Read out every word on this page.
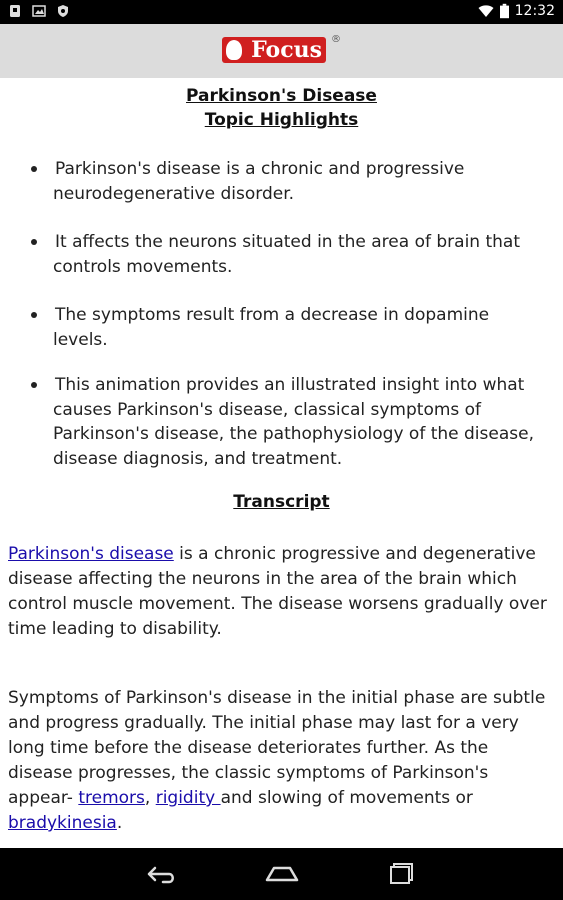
12:32
Focus ®
Parkinson's Disease
Topic Highlights
Parkinson's disease is a chronic and progressive neurodegenerative disorder.
It affects the neurons situated in the area of brain that controls movements.
The symptoms result from a decrease in dopamine levels.
This animation provides an illustrated insight into what causes Parkinson's disease, classical symptoms of Parkinson's disease, the pathophysiology of the disease, disease diagnosis, and treatment.
Transcript

Parkinson's disease is a chronic progressive and degenerative disease affecting the neurons in the area of the brain which control muscle movement. The disease worsens gradually over time leading to disability.

Symptoms of Parkinson's disease in the initial phase are subtle and progress gradually. The initial phase may last for a very long time before the disease deteriorates further. As the disease progresses, the classic symptoms of Parkinson's appear- tremors, rigidity and slowing of movements or bradykinesia.
